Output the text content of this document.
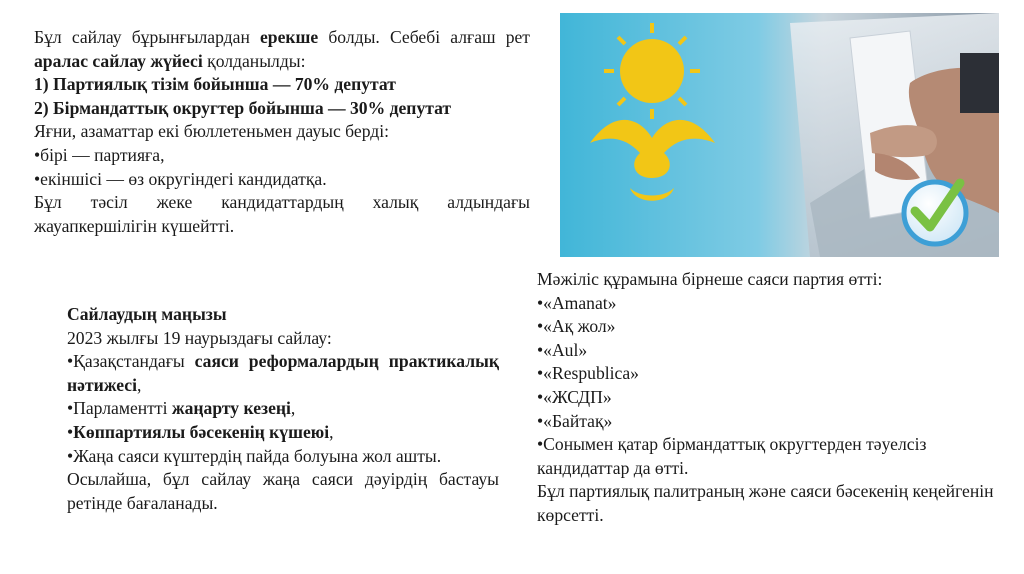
Бұл сайлау бұрынғылардан ерекше болды. Себебі алғаш рет аралас сайлау жүйесі қолданылды:

1) Партиялық тізім бойынша — 70% депутат

2) Бірмандаттық округтер бойынша — 30% депутат

Яғни, азаматтар екі бюллетеньмен дауыс берді:

•бірі — партияға,

•екіншісі — өз округіндегі кандидатқа.

Бұл тәсіл жеке кандидаттардың халық алдындағы жауапкершілігін күшейтті.

Сайлаудың маңызы

2023 жылғы 19 наурыздағы сайлау:

•Қазақстандағы саяси реформалардың практикалық нәтижесі,

•Парламентті жаңарту кезеңі,

•Көппартиялы бәсекенің күшеюі,

•Жаңа саяси күштердің пайда болуына жол ашты.

Осылайша, бұл сайлау жаңа саяси дәуірдің бастауы ретінде бағаланады.

Мәжіліс құрамына бірнеше саяси партия өтті:

•«Amanat»

•«Ақ жол»

•«Aul»

•«Respublica»

•«ЖСДП»

•«Байтақ»

•Сонымен қатар бірмандаттық округтерден тәуелсіз кандидаттар да өтті.

Бұл партиялық палитраның және саяси бәсекенің кеңейгенін көрсетті.
